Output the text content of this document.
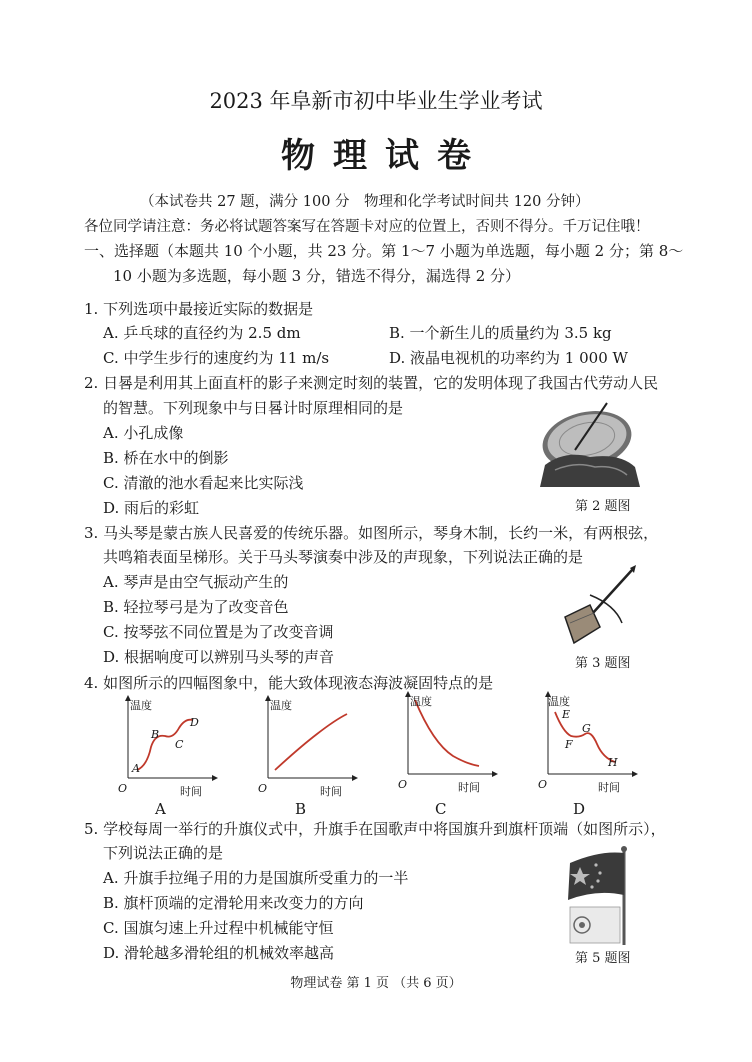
2023 年阜新市初中毕业生学业考试
物理试卷
（本试卷共 27 题，满分 100 分　物理和化学考试时间共 120 分钟）
各位同学请注意：务必将试题答案写在答题卡对应的位置上，否则不得分。千万记住哦！
一、选择题（本题共 10 个小题，共 23 分。第 1～7 小题为单选题，每小题 2 分；第 8～
10 小题为多选题，每小题 3 分，错选不得分，漏选得 2 分）
1. 下列选项中最接近实际的数据是
A. 乒乓球的直径约为 2.5 dm	B. 一个新生儿的质量约为 3.5 kg
C. 中学生步行的速度约为 11 m/s	D. 液晶电视机的功率约为 1 000 W
2. 日晷是利用其上面直杆的影子来测定时刻的装置，它的发明体现了我国古代劳动人民
的智慧。下列现象中与日晷计时原理相同的是
A. 小孔成像
B. 桥在水中的倒影
C. 清澈的池水看起来比实际浅
D. 雨后的彩虹	第 2 题图
3. 马头琴是蒙古族人民喜爱的传统乐器。如图所示，琴身木制，长约一米，有两根弦，
共鸣箱表面呈梯形。关于马头琴演奏中涉及的声现象，下列说法正确的是
A. 琴声是由空气振动产生的
B. 轻拉琴弓是为了改变音色
C. 按琴弦不同位置是为了改变音调
D. 根据响度可以辨别马头琴的声音	第 3 题图
4. 如图所示的四幅图象中，能大致体现液态海波凝固特点的是
温度
A
B
C
D
O	时间
A
温度
O	时间
B
温度
O	时间
C
温度
E
F
G
H
O	时间
D
5. 学校每周一举行的升旗仪式中，升旗手在国歌声中将国旗升到旗杆顶端（如图所示），
下列说法正确的是
A. 升旗手拉绳子用的力是国旗所受重力的一半
B. 旗杆顶端的定滑轮用来改变力的方向
C. 国旗匀速上升过程中机械能守恒
D. 滑轮越多滑轮组的机械效率越高	第 5 题图
物理试卷 第 1 页 （共 6 页）
